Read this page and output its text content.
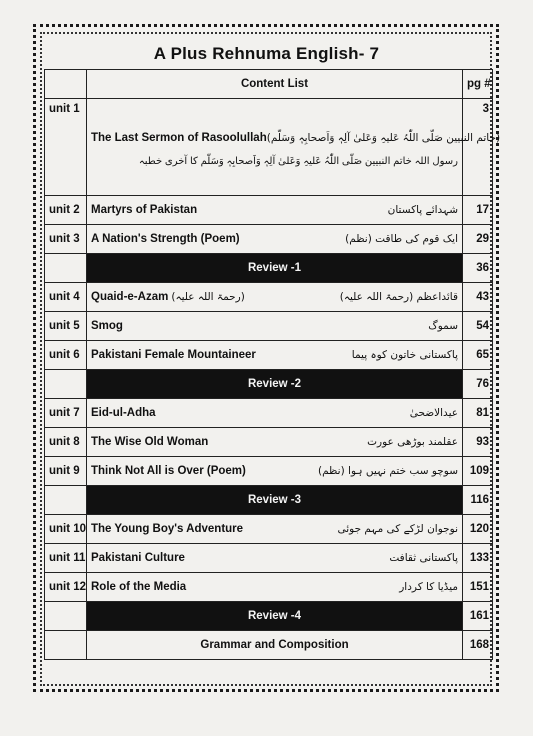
A Plus Rehnuma English- 7
	Content List	pg #
unit 1	The Last Sermon of Rasoolullah (خاتم النبیین صَلّی اللّٰہُ عَلیہِ وَعَلیٰ آلِہٖ وَاَصحابِہٖ وَسَلّم)
رسول اللہ خاتم النبیین صَلّی اللّٰہُ عَلیہِ وَعَلیٰ آلِہٖ وَاَصحابِہٖ وَسَلّم کا آخری خطبہ	3
unit 2	Martyrs of Pakistan شہدائے پاکستان	17
unit 3	A Nation's Strength (Poem) ایک قوم کی طاقت (نظم)	29
	Review -1	36
unit 4	Quaid-e-Azam (رحمۃ اللہ علیہ) قائداعظم (رحمۃ اللہ علیہ)	43
unit 5	Smog سموگ	54
unit 6	Pakistani Female Mountaineer پاکستانی خاتون کوہ پیما	65
	Review -2	76
unit 7	Eid-ul-Adha عیدالاضحیٰ	81
unit 8	The Wise Old Woman عقلمند بوڑھی عورت	93
unit 9	Think Not All is Over (Poem) سوچو سب ختم نہیں ہوا (نظم)	109
	Review -3	116
unit 10	The Young Boy's Adventure نوجوان لڑکے کی مہم جوئی	120
unit 11	Pakistani Culture پاکستانی ثقافت	133
unit 12	Role of the Media میڈیا کا کردار	151
	Review -4	161
	Grammar and Composition	168
